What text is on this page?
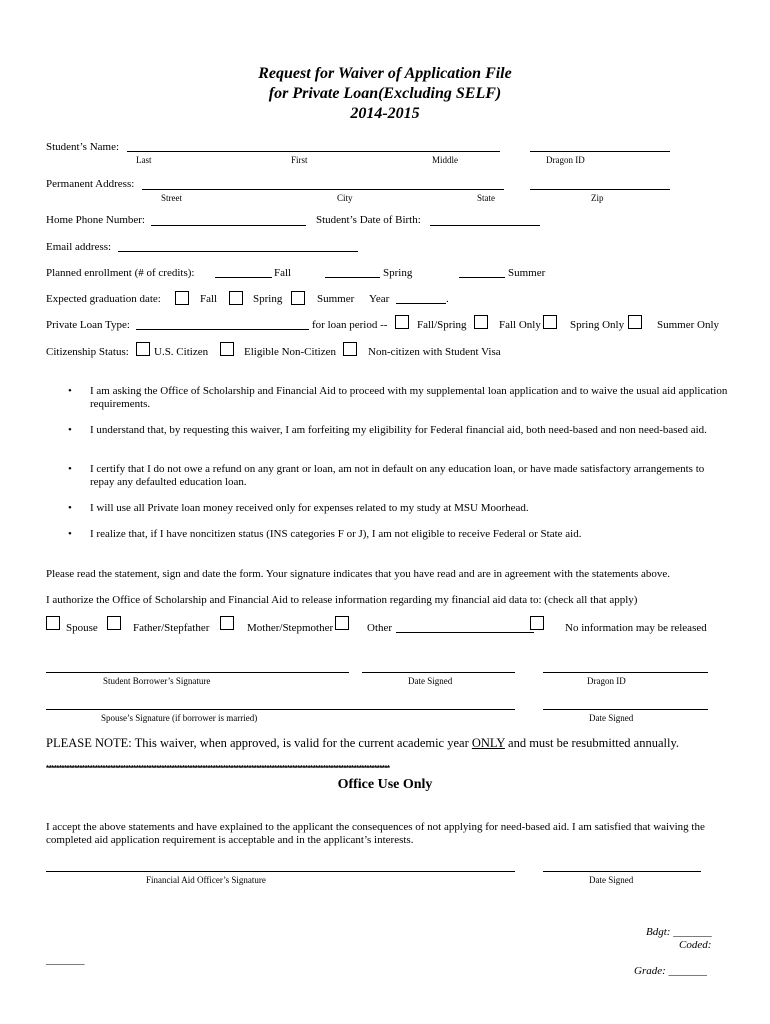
Request for Waiver of Application File
for Private Loan(Excluding SELF)
2014-2015
Student’s Name:
Last	First	Middle	Dragon ID
Permanent Address:
Street	City	State	Zip
Home Phone Number:	Student’s Date of Birth:
Email address:
Planned enrollment (# of credits):	Fall	Spring	Summer
Expected graduation date:	Fall	Spring	Summer Year	.
Private Loan Type:	for loan period --	Fall/Spring	Fall Only	Spring Only	Summer Only
Citizenship Status: U.S. Citizen	Eligible Non-Citizen	Non-citizen with Student Visa
• I am asking the Office of Scholarship and Financial Aid to proceed with my supplemental loan application and to waive the usual aid application requirements.
• I understand that, by requesting this waiver, I am forfeiting my eligibility for Federal financial aid, both need-based and non need-based aid.
• I certify that I do not owe a refund on any grant or loan, am not in default on any education loan, or have made satisfactory arrangements to repay any defaulted education loan.
• I will use all Private loan money received only for expenses related to my study at MSU Moorhead.
• I realize that, if I have noncitizen status (INS categories F or J), I am not eligible to receive Federal or State aid.
Please read the statement, sign and date the form. Your signature indicates that you have read and are in agreement with the statements above.
I authorize the Office of Scholarship and Financial Aid to release information regarding my financial aid data to: (check all that apply)
Spouse	Father/Stepfather	Mother/Stepmother	Other	No information may be released
Student Borrower’s Signature	Date Signed	Dragon ID
Spouse’s Signature (if borrower is married)	Date Signed
PLEASE NOTE: This waiver, when approved, is valid for the current academic year ONLY and must be resubmitted annually.
**************************************************************************************************************************************
Office Use Only
I accept the above statements and have explained to the applicant the consequences of not applying for need-based aid. I am satisfied that waiving the completed aid application requirement is acceptable and in the applicant’s interests.
Financial Aid Officer’s Signature	Date Signed
Bdgt: _______
Coded:
_______
Grade: _______
